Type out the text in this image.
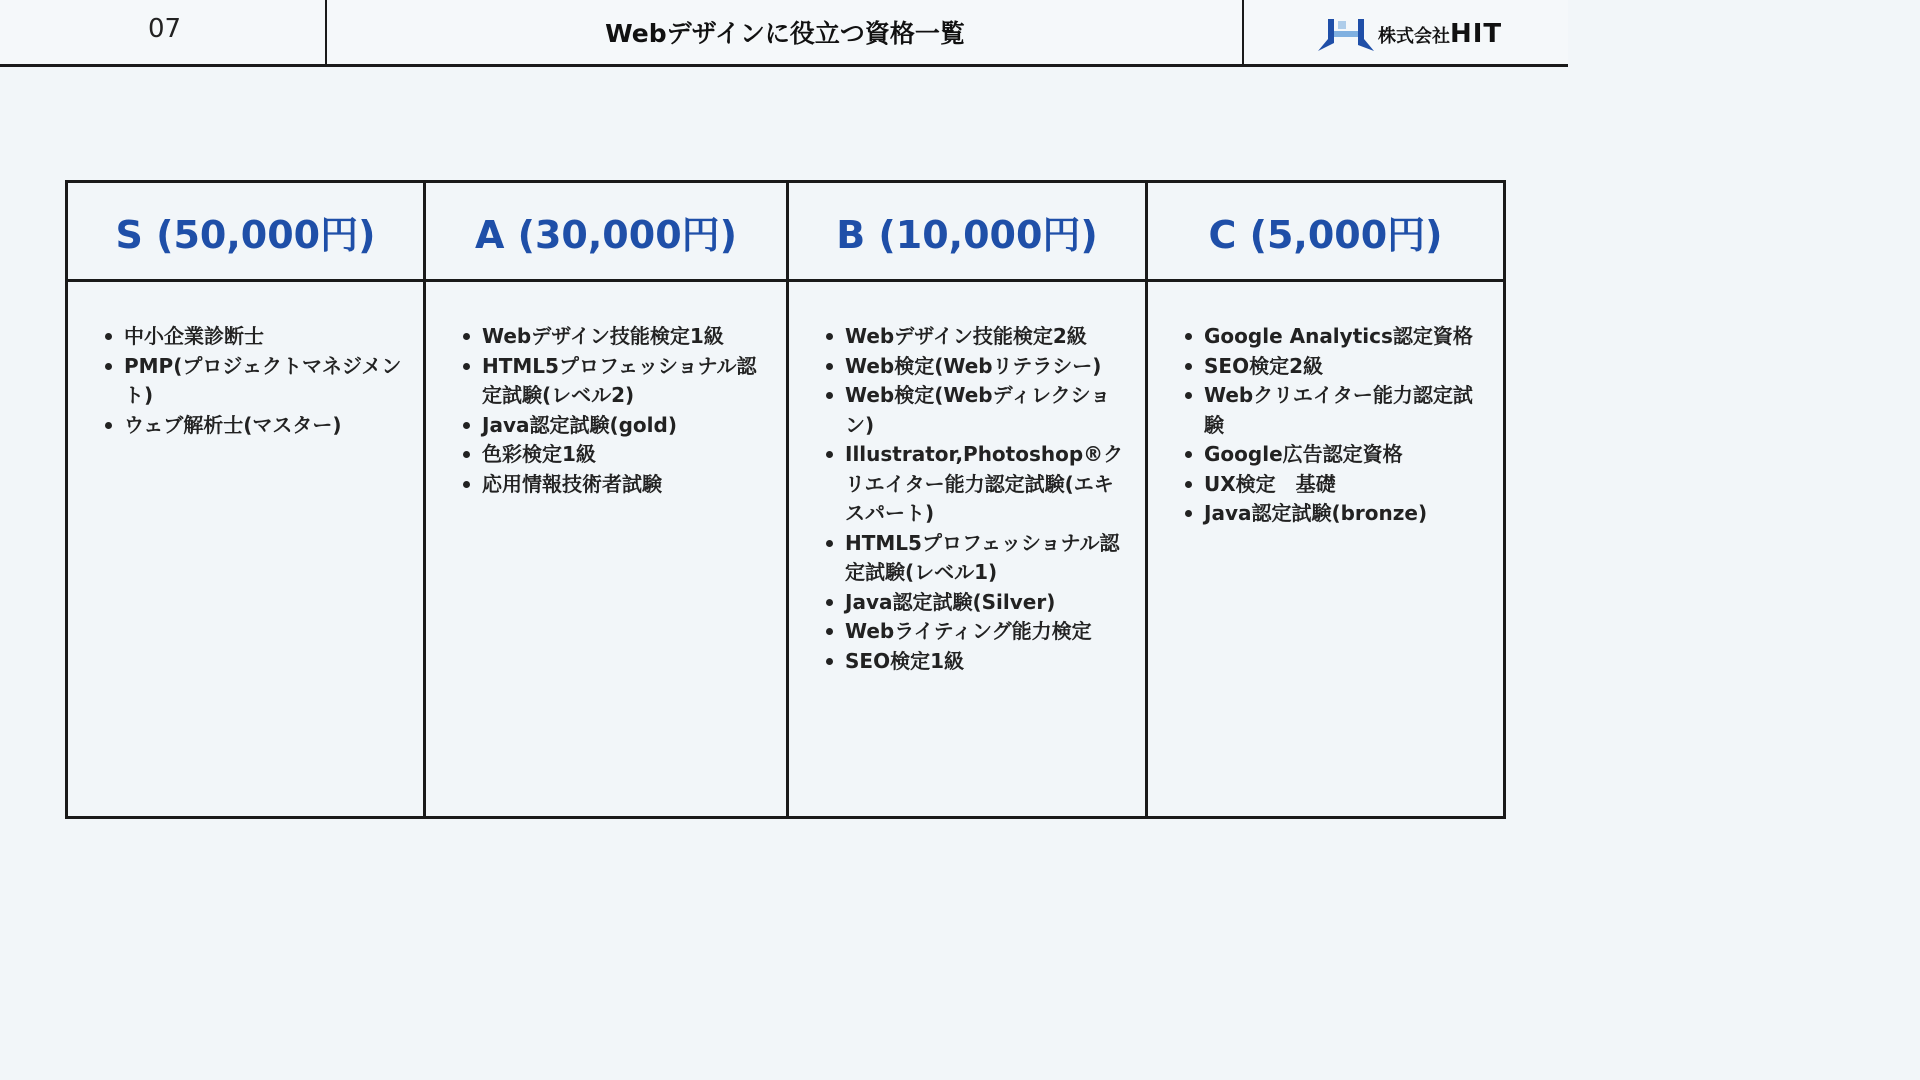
07	Webデザインに役立つ資格一覧	株式会社 HIT
S (50,000円)
中小企業診断士
PMP(プロジェクトマネジメント)
ウェブ解析士(マスター)
A (30,000円)
Webデザイン技能検定1級
HTML5プロフェッショナル認定試験(レベル2)
Java認定試験(gold)
色彩検定1級
応用情報技術者試験
B (10,000円)
Webデザイン技能検定2級
Web検定(Webリテラシー)
Web検定(Webディレクション)
Illustrator,Photoshop®クリエイター能力認定試験(エキスパート)
HTML5プロフェッショナル認定試験(レベル1)
Java認定試験(Silver)
Webライティング能力検定
SEO検定1級
C (5,000円)
Google Analytics認定資格
SEO検定2級
Webクリエイター能力認定試験
Google広告認定資格
UX検定　基礎
Java認定試験(bronze)
